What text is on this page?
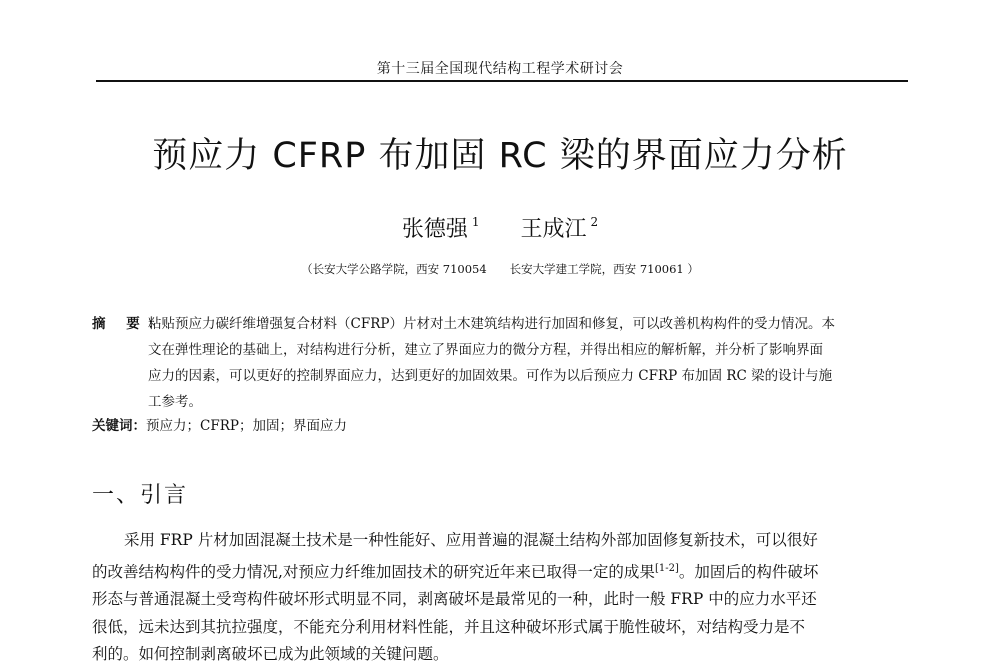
第十三届全国现代结构工程学术研讨会
预应力 CFRP 布加固 RC 梁的界面应力分析
张德强 $^1$ 王成江 $^2$
（长安大学公路学院，西安 710054　　长安大学建工学院，西安 710061 ）
摘 要：
粘贴预应力碳纤维增强复合材料（CFRP）片材对土木建筑结构进行加固和修复，可以改善机构构件的受力情况。本
文在弹性理论的基础上，对结构进行分析，建立了界面应力的微分方程，并得出相应的解析解，并分析了影响界面
应力的因素，可以更好的控制界面应力，达到更好的加固效果。可作为以后预应力 CFRP 布加固 RC 梁的设计与施
工参考。
关键词：预应力；CFRP；加固；界面应力
一、引言
采用 FRP 片材加固混凝土技术是一种性能好、应用普遍的混凝土结构外部加固修复新技术，可以很好
的改善结构构件的受力情况,对预应力纤维加固技术的研究近年来已取得一定的成果[1-2]。加固后的构件破坏
形态与普通混凝土受弯构件破坏形式明显不同，剥离破坏是最常见的一种，此时一般 FRP 中的应力水平还
很低，远未达到其抗拉强度，不能充分利用材料性能，并且这种破坏形式属于脆性破坏，对结构受力是不
利的。如何控制剥离破坏已成为此领域的关键问题。
